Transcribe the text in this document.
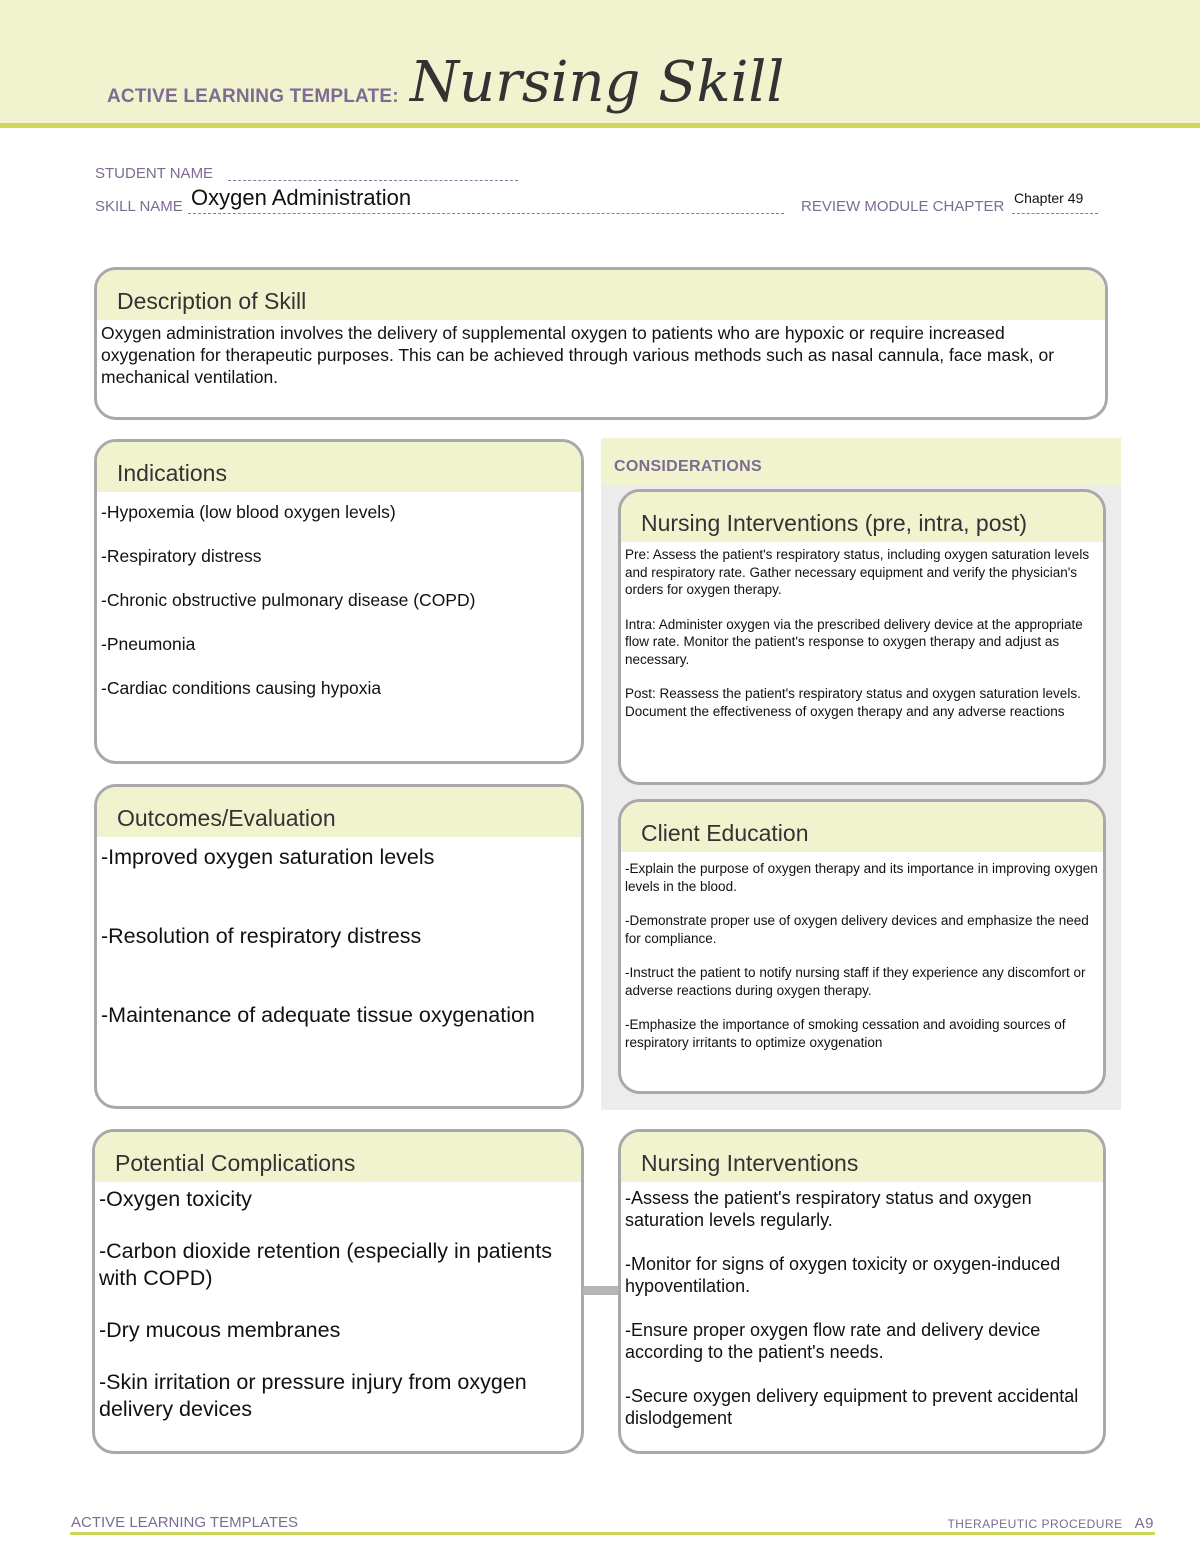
ACTIVE LEARNING TEMPLATE: Nursing Skill
STUDENT NAME
SKILL NAME Oxygen Administration	REVIEW MODULE CHAPTER Chapter 49
Description of Skill
Oxygen administration involves the delivery of supplemental oxygen to patients who are hypoxic or require increased oxygenation for therapeutic purposes. This can be achieved through various methods such as nasal cannula, face mask, or mechanical ventilation.
Indications

-Hypoxemia (low blood oxygen levels)

-Respiratory distress

-Chronic obstructive pulmonary disease (COPD)

-Pneumonia

-Cardiac conditions causing hypoxia

Outcomes/Evaluation

-Improved oxygen saturation levels

-Resolution of respiratory distress

-Maintenance of adequate tissue oxygenation

CONSIDERATIONS
Nursing Interventions (pre, intra, post)

Pre: Assess the patient's respiratory status, including oxygen saturation levels and respiratory rate. Gather necessary equipment and verify the physician's orders for oxygen therapy.

Intra: Administer oxygen via the prescribed delivery device at the appropriate flow rate. Monitor the patient's response to oxygen therapy and adjust as necessary.

Post: Reassess the patient's respiratory status and oxygen saturation levels. Document the effectiveness of oxygen therapy and any adverse reactions

Client Education

-Explain the purpose of oxygen therapy and its importance in improving oxygen levels in the blood.

-Demonstrate proper use of oxygen delivery devices and emphasize the need for compliance.

-Instruct the patient to notify nursing staff if they experience any discomfort or adverse reactions during oxygen therapy.

-Emphasize the importance of smoking cessation and avoiding sources of respiratory irritants to optimize oxygenation

Potential Complications

-Oxygen toxicity

-Carbon dioxide retention (especially in patients with COPD)

-Dry mucous membranes

-Skin irritation or pressure injury from oxygen delivery devices

Nursing Interventions

-Assess the patient's respiratory status and oxygen saturation levels regularly.

-Monitor for signs of oxygen toxicity or oxygen-induced hypoventilation.

-Ensure proper oxygen flow rate and delivery device according to the patient's needs.

-Secure oxygen delivery equipment to prevent accidental dislodgement

ACTIVE LEARNING TEMPLATES	THERAPEUTIC PROCEDURE A9
